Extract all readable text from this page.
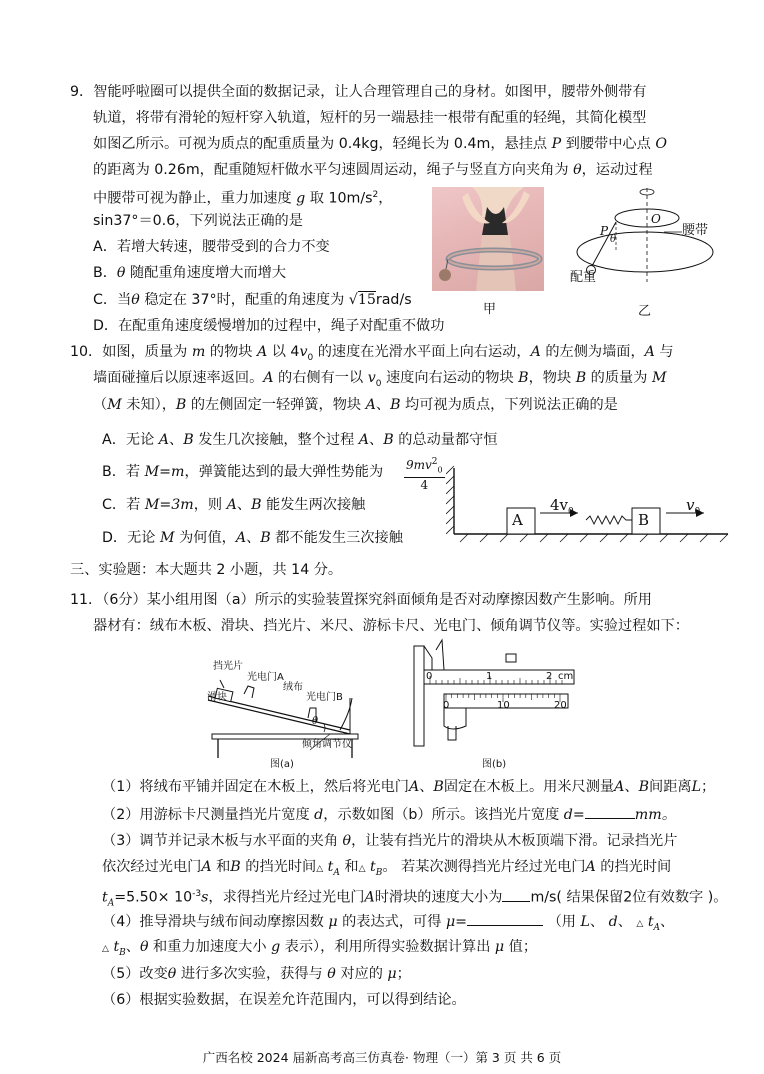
9．智能呼啦圈可以提供全面的数据记录，让人合理管理自己的身材。如图甲，腰带外侧带有
轨道，将带有滑轮的短杆穿入轨道，短杆的另一端悬挂一根带有配重的轻绳，其简化模型
如图乙所示。可视为质点的配重质量为 0.4kg，轻绳长为 0.4m，悬挂点 P 到腰带中心点 O
的距离为 0.26m，配重随短杆做水平匀速圆周运动，绳子与竖直方向夹角为 θ，运动过程
中腰带可视为静止，重力加速度 g 取 $10m/s^2$，
sin37°＝0.6，下列说法正确的是
A．若增大转速，腰带受到的合力不变
B．θ 随配重角速度增大而增大
C．当θ 稳定在 37°时，配重的角速度为 √15rad/s
D．在配重角速度缓慢增加的过程中，绳子对配重不做功
甲
O
P
θ
腰带
配重
乙
10．如图，质量为 m 的物块 A 以 $4v_0$ 的速度在光滑水平面上向右运动，A 的左侧为墙面，A 与
墙面碰撞后以原速率返回。A 的右侧有一以 $v_0$ 速度向右运动的物块 B，物块 B 的质量为 M
（M 未知），B 的左侧固定一轻弹簧，物块 A、B 均可视为质点，下列说法正确的是
A．无论 A、B 发生几次接触，整个过程 A、B 的总动量都守恒
B．若 M=m，弹簧能达到的最大弹性势能为 $\frac{9mv^2_0}{4}$
C．若 M=3m，则 A、B 能发生两次接触
D．无论 M 为何值，A、B 都不能发生三次接触
A	B
$4v_0$	$v_0$
三、实验题：本大题共 2 小题，共 14 分。
11．（6分）某小组用图（a）所示的实验装置探究斜面倾角是否对动摩擦因数产生影响。所用
器材有：绒布木板、滑块、挡光片、米尺、游标卡尺、光电门、倾角调节仪等。实验过程如下：
挡光片
光电门A
绒布
滑块	光电门B
θ
倾角调节仪
图(a)
0	1	2 cm
0	10	20
图(b)
（1）将绒布平铺并固定在木板上，然后将光电门A、B固定在木板上。用米尺测量A、B间距离L；
（2）用游标卡尺测量挡光片宽度 d，示数如图（b）所示。该挡光片宽度 d=	mm。
（3）调节并记录木板与水平面的夹角 θ，让装有挡光片的滑块从木板顶端下滑。记录挡光片
依次经过光电门A 和B 的挡光时间△ $t_A$ 和△ $t_B$。 若某次测得挡光片经过光电门A 的挡光时间
$t_A=5.50\times 10^{-3}s$，求得挡光片经过光电门A时滑块的速度大小为 m/s( 结果保留2位有效数字 )。
（4）推导滑块与绒布间动摩擦因数 μ 的表达式，可得 μ=	（用 L、 d、 △ $t_A$、
△ $t_B$、θ 和重力加速度大小 g 表示），利用所得实验数据计算出 μ 值；
（5）改变θ 进行多次实验，获得与 θ 对应的 μ；
（6）根据实验数据，在误差允许范围内，可以得到结论。
广西名校 2024 届新高考高三仿真卷· 物理（一）第 3 页 共 6 页
